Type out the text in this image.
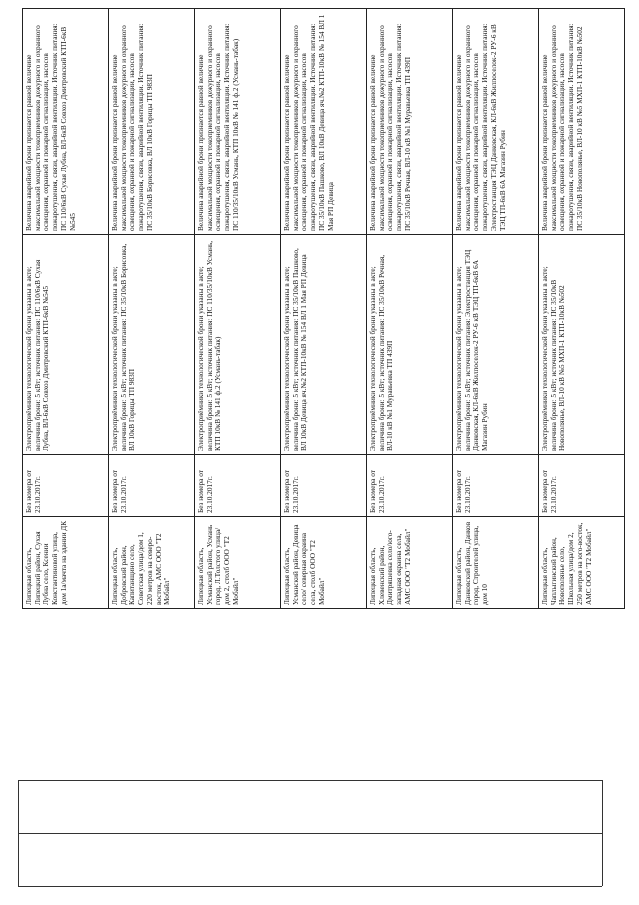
Липецкая область, Липецкий район, Сухая Лубна село, Ксении Константиновой улица, дом 1а/мачта на здании ДК	Без номера от 23.10.2017г.	Электроприёмники технологической брони указаны в акте; величина брони: 5 кВт; источник питания: ПС 110/6кВ Сухая Лубна, ВЛ-6кВ Совхоз Дмитровский КТП-6кВ №545	Величина аварийной брони признается равной величине максимальной мощности токоприемников дежурного и охранного освещения, охранной и пожарной сигнализации, насосов пожаротушения, связи, аварийной вентиляции. Источник питания: ПС 110/6кВ Сухая Лубна, ВЛ-6кВ Совхоз Дмитровский КТП-6кВ №545
Липецкая область, Добровский район, Капитанщино село, Советская улица/дом 1, 220 метров на северо-восток, АМС ООО "Т2 Мобайл"	Без номера от 23.10.2017г.	Электроприёмники технологической брони указаны в акте; величина брони: 5 кВт; источник питания: ПС 35/10кВ Борисовка, ВЛ 10кВ Горицы ТП 983П	Величина аварийной брони признается равной величине максимальной мощности токоприемников дежурного и охранного освещения, охранной и пожарной сигнализации, насосов пожаротушения, связи, аварийной вентиляции. Источник питания: ПС 35/10кВ Борисовка, ВЛ 10кВ Горицы ТП 983П
Липецкая область, Усманский район, Усмань город, Л.Толстого улица/дом 2, столб ООО "Т2 Мобайл"	Без номера от 23.10.2017г.	Электроприёмники технологической брони указаны в акте; величина брони: 5 кВт; источник питания: ПС 110/35/10кВ Усмань, КТП 10кВ № 141 ф.2 (Усмань-табак)	Величина аварийной брони признается равной величине максимальной мощности токоприемников дежурного и охранного освещения, охранной и пожарной сигнализации, насосов пожаротушения, связи, аварийной вентиляции. Источник питания: ПС 110/35/10кВ Усмань, КТП 10кВ № 141 ф.2 (Усмань-табак)
Липецкая область, Усманский район, Девица село/ северная окраина села, столб ООО "Т2 Мобайл"	Без номера от 23.10.2017г.	Электроприёмники технологической брони указаны в акте; величина брони: 5 кВт; источник питания: ПС 35/10кВ Пашково, ВЛ 10кВ Девица яч.№2 КТП-10кВ № 154 ВЛ 1 Мая РП Девица	Величина аварийной брони признается равной величине максимальной мощности токоприемников дежурного и охранного освещения, охранной и пожарной сигнализации, насосов пожаротушения, связи, аварийной вентиляции. Источник питания: ПС 35/10кВ Пашково, ВЛ 10кВ Девица яч.№2 КТП-10кВ № 154 ВЛ 1 Мая РП Девица
Липецкая область, Хлевенский район, Дмитряшевка село/юго-западная окраина села, АМС ООО "Т2 Мобайл"	Без номера от 23.10.2017г.	Электроприёмники технологической брони указаны в акте; величина брони: 5 кВт; источник питания: ПС 35/10кВ Речная, ВЛ-10 кВ №1 Муравьевка ТП 439П	Величина аварийной брони признается равной величине максимальной мощности токоприемников дежурного и охранного освещения, охранной и пожарной сигнализации, насосов пожаротушения, связи, аварийной вентиляции. Источник питания: ПС 35/10кВ Речная, ВЛ-10 кВ №1 Муравьевка ТП 439П
Липецкая область, Данковский район, Данков город, Строителей улица, дом 10	Без номера от 23.10.2017г.	Электроприёмники технологической брони указаны в акте; величина брони: 5 кВт; источник питания: Электростанция ТЭЦ Данковская, КЛ-6кВ Жилпоселок-2 РУ-6 кВ ТЭЦ ТП-6кВ 6А Магазин Рубин	Величина аварийной брони признается равной величине максимальной мощности токоприемников дежурного и охранного освещения, охранной и пожарной сигнализации, насосов пожаротушения, связи, аварийной вентиляции. Источник питания: Электростанция ТЭЦ Данковская, КЛ-6кВ Жилпоселок-2 РУ-6 кВ ТЭЦ ТП-6кВ 6А Магазин Рубин
Липецкая область, Чаплыгинский район, Новополянье село, Школьная улица/дом 2, 250 метров на юго-восток, АМС ООО "Т2 Мобайл"	Без номера от 23.10.2017г.	Электроприёмники технологической брони указаны в акте; величина брони: 5 кВт; источник питания: ПС 35/10кВ Новополянье, ВЛ-10 кВ №5 МХП-1 КТП-10кВ №502	Величина аварийной брони признается равной величине максимальной мощности токоприемников дежурного и охранного освещения, охранной и пожарной сигнализации, насосов пожаротушения, связи, аварийной вентиляции. Источник питания: ПС 35/10кВ Новополянье, ВЛ-10 кВ №5 МХП-1 КТП-10кВ №502
